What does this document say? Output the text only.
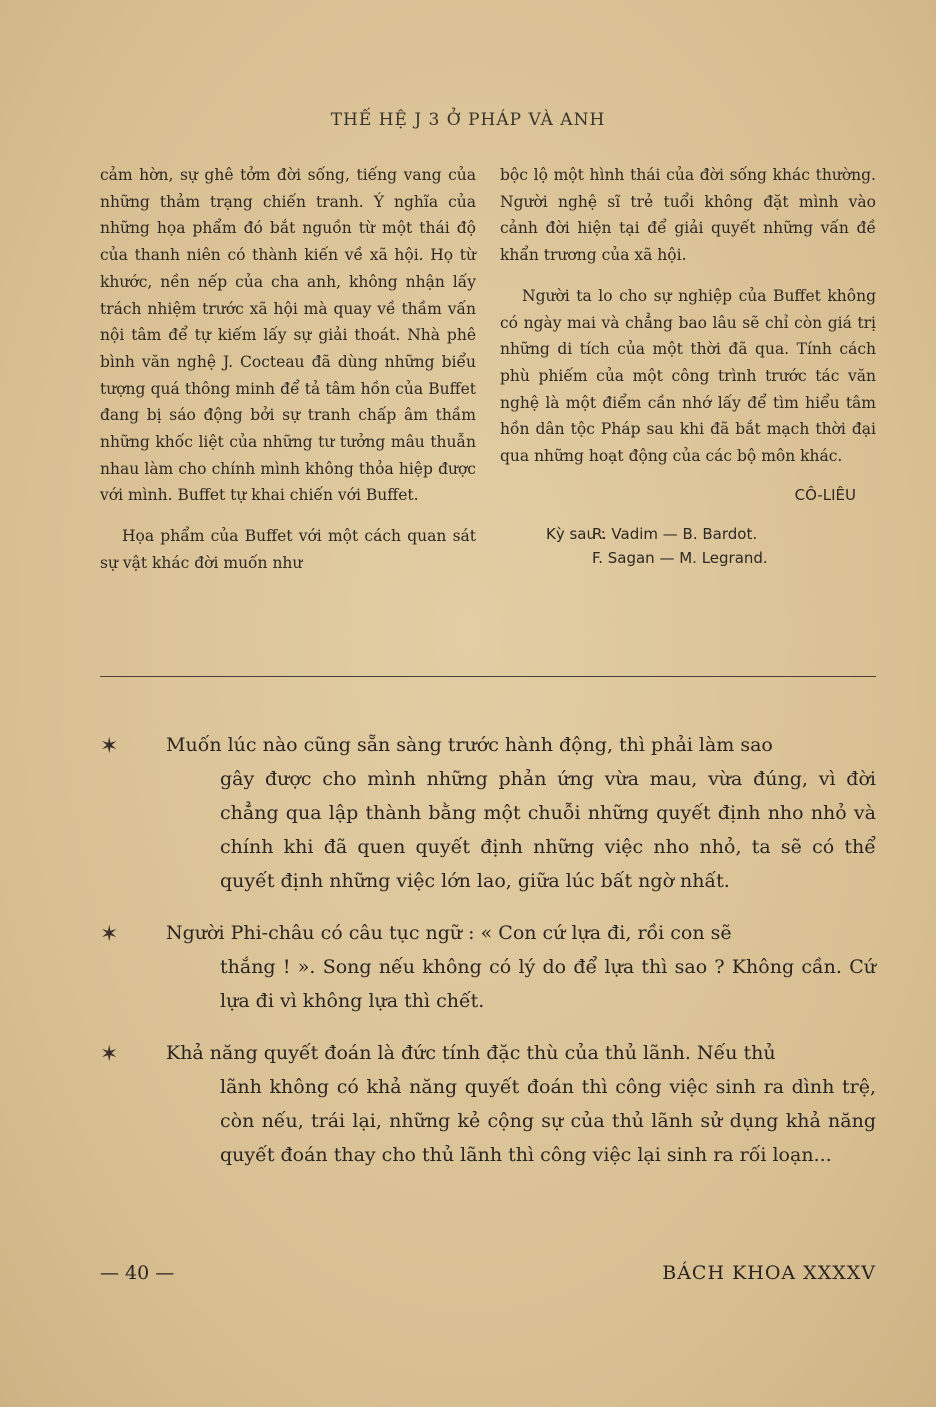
THẾ HỆ J 3 Ở PHÁP VÀ ANH

cảm hờn, sự ghê tởm đời sống, tiếng vang của những thảm trạng chiến tranh. Ý nghĩa của những họa phẩm đó bắt nguồn từ một thái độ của thanh niên có thành kiến về xã hội. Họ từ khước, nền nếp của cha anh, không nhận lấy trách nhiệm trước xã hội mà quay về thầm vấn nội tâm để tự kiếm lấy sự giải thoát. Nhà phê bình văn nghệ J. Cocteau đã dùng những biểu tượng quá thông minh để tả tâm hồn của Buffet đang bị sáo động bởi sự tranh chấp âm thầm những khốc liệt của những tư tưởng mâu thuẫn nhau làm cho chính mình không thỏa hiệp được với mình. Buffet tự khai chiến với Buffet.

Họa phẩm của Buffet với một cách quan sát sự vật khác đời muốn như

bộc lộ một hình thái của đời sống khác thường. Người nghệ sĩ trẻ tuổi không đặt mình vào cảnh đời hiện tại để giải quyết những vấn đề khẩn trương của xã hội.

Người ta lo cho sự nghiệp của Buffet không có ngày mai và chẳng bao lâu sẽ chỉ còn giá trị những di tích của một thời đã qua. Tính cách phù phiếm của một công trình trước tác văn nghệ là một điểm cần nhớ lấy để tìm hiểu tâm hồn dân tộc Pháp sau khi đã bắt mạch thời đại qua những hoạt động của các bộ môn khác.

CÔ-LIÊU
Kỳ sau :
R. Vadim — B. Bardot.
F. Sagan — M. Legrand.
✶	Muốn lúc nào cũng sẵn sàng trước hành động, thì phải làm sao
gây được cho mình những phản ứng vừa mau, vừa đúng, vì đời chẳng qua lập thành bằng một chuỗi những quyết định nho nhỏ và chính khi đã quen quyết định những việc nho nhỏ, ta sẽ có thể quyết định những việc lớn lao, giữa lúc bất ngờ nhất.
✶	Người Phi-châu có câu tục ngữ : « Con cứ lựa đi, rồi con sẽ
thắng ! ». Song nếu không có lý do để lựa thì sao ? Không cần. Cứ lựa đi vì không lựa thì chết.
✶	Khả năng quyết đoán là đức tính đặc thù của thủ lãnh. Nếu thủ
lãnh không có khả năng quyết đoán thì công việc sinh ra dình trệ, còn nếu, trái lại, những kẻ cộng sự của thủ lãnh sử dụng khả năng quyết đoán thay cho thủ lãnh thì công việc lại sinh ra rối loạn...
— 40 —	BÁCH KHOA XXXXV
